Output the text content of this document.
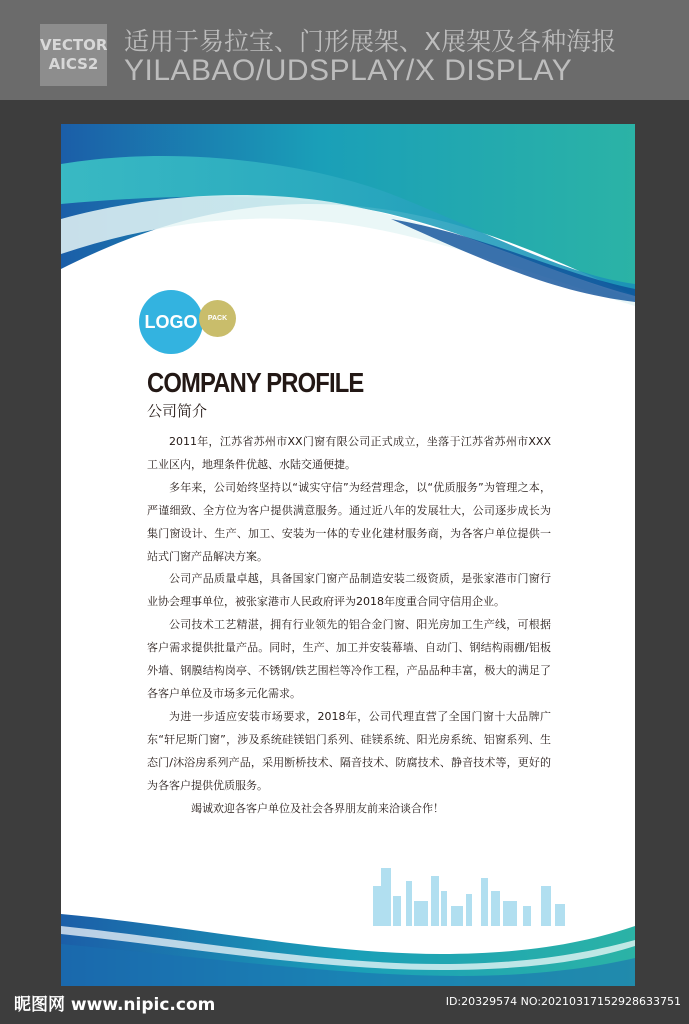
VECTOR
AICS2
适用于易拉宝、门形展架、X展架及各种海报
YILABAO/UDSPLAY/X DISPLAY
LOGO	PACK
COMPANY PROFILE
公司简介

2011年，江苏省苏州市XX门窗有限公司正式成立，坐落于江苏省苏州市XXX工业区内，地理条件优越、水陆交通便捷。

多年来，公司始终坚持以“诚实守信”为经营理念，以“优质服务”为管理之本，严谨细致、全方位为客户提供满意服务。通过近八年的发展壮大，公司逐步成长为集门窗设计、生产、加工、安装为一体的专业化建材服务商，为各客户单位提供一站式门窗产品解决方案。

公司产品质量卓越，具备国家门窗产品制造安装二级资质，是张家港市门窗行业协会理事单位，被张家港市人民政府评为2018年度重合同守信用企业。

公司技术工艺精湛，拥有行业领先的铝合金门窗、阳光房加工生产线，可根据客户需求提供批量产品。同时，生产、加工并安装幕墙、自动门、钢结构雨棚/铝板外墙、钢膜结构岗亭、不锈钢/铁艺围栏等冷作工程，产品品种丰富，极大的满足了各客户单位及市场多元化需求。

为进一步适应安装市场要求，2018年，公司代理直营了全国门窗十大品牌广东“轩尼斯门窗”，涉及系统硅镁铝门系列、硅镁系统、阳光房系统、铝窗系列、生态门/沐浴房系列产品，采用断桥技术、隔音技术、防腐技术、静音技术等，更好的为各客户提供优质服务。

竭诚欢迎各客户单位及社会各界朋友前来洽谈合作！

昵图网 www.nipic.com	ID:20329574 NO:20210317152928633751
